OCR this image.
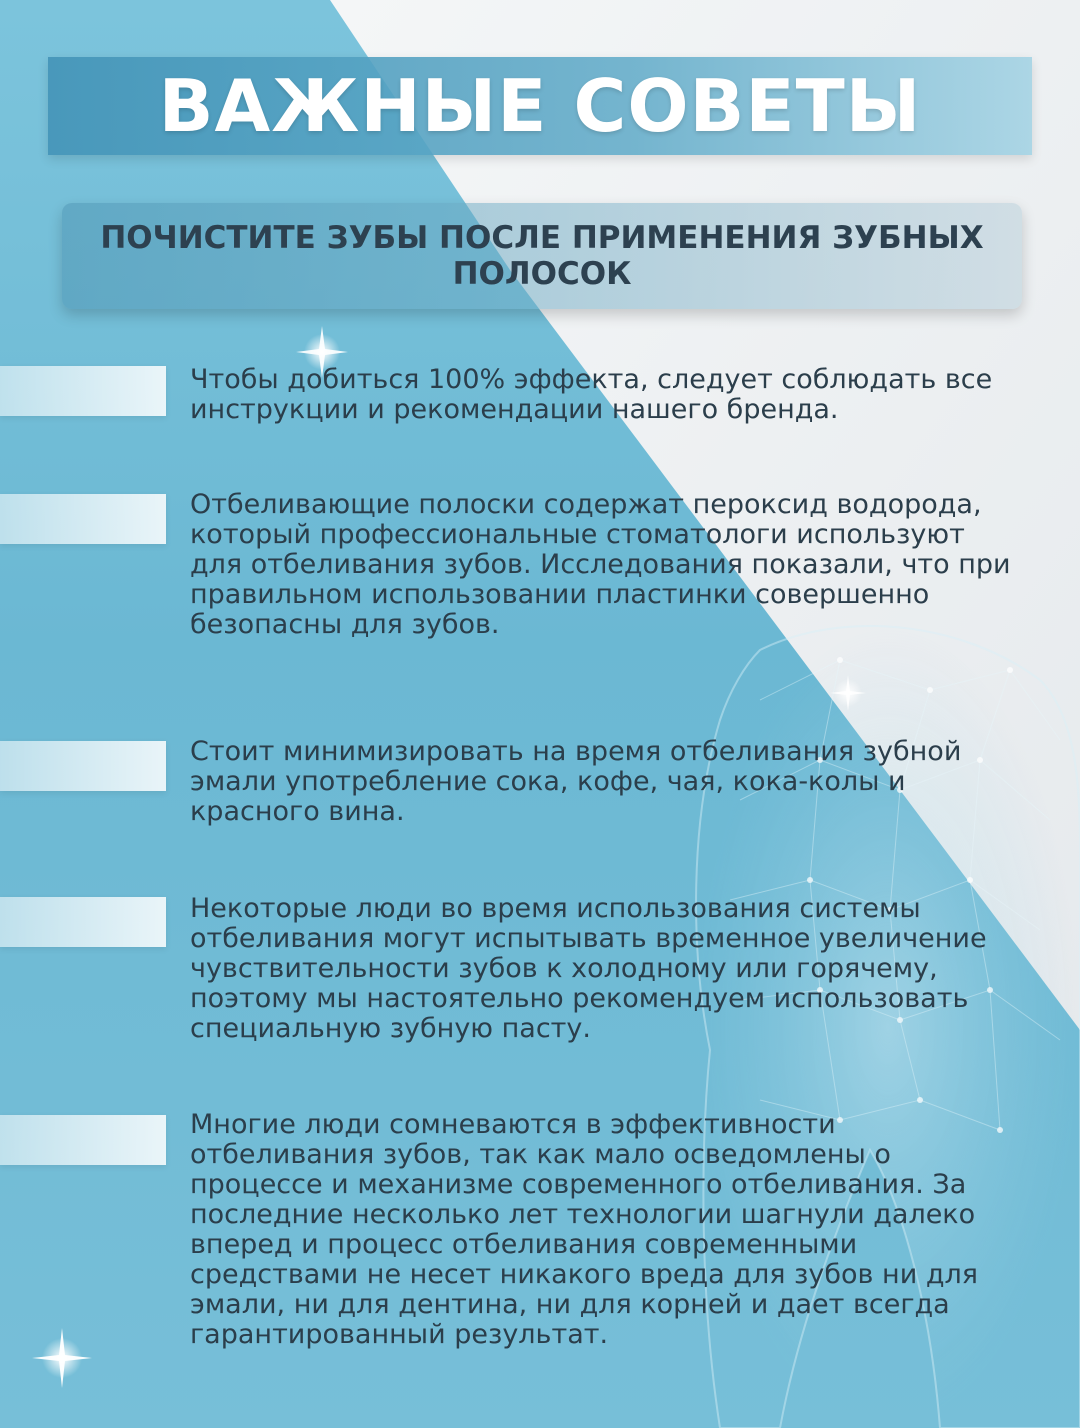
ВАЖНЫЕ СОВЕТЫ
ПОЧИСТИТЕ ЗУБЫ ПОСЛЕ ПРИМЕНЕНИЯ ЗУБНЫХ ПОЛОСОК

Чтобы добиться 100% эффекта, следует соблюдать все инструкции и рекомендации нашего бренда.

Отбеливающие полоски содержат пероксид водорода, который профессиональные стоматологи используют для отбеливания зубов. Исследования показали, что при правильном использовании пластинки совершенно безопасны для зубов.

Стоит минимизировать на время отбеливания зубной эмали употребление сока, кофе, чая, кока-колы и красного вина.

Некоторые люди во время использования системы отбеливания могут испытывать временное увеличение чувствительности зубов к холодному или горячему, поэтому мы настоятельно рекомендуем использовать специальную зубную пасту.

Многие люди сомневаются в эффективности отбеливания зубов, так как мало осведомлены о процессе и механизме современного отбеливания. За последние несколько лет технологии шагнули далеко вперед и процесс отбеливания современными средствами не несет никакого вреда для зубов ни для эмали, ни для дентина, ни для корней и дает всегда гарантированный результат.
